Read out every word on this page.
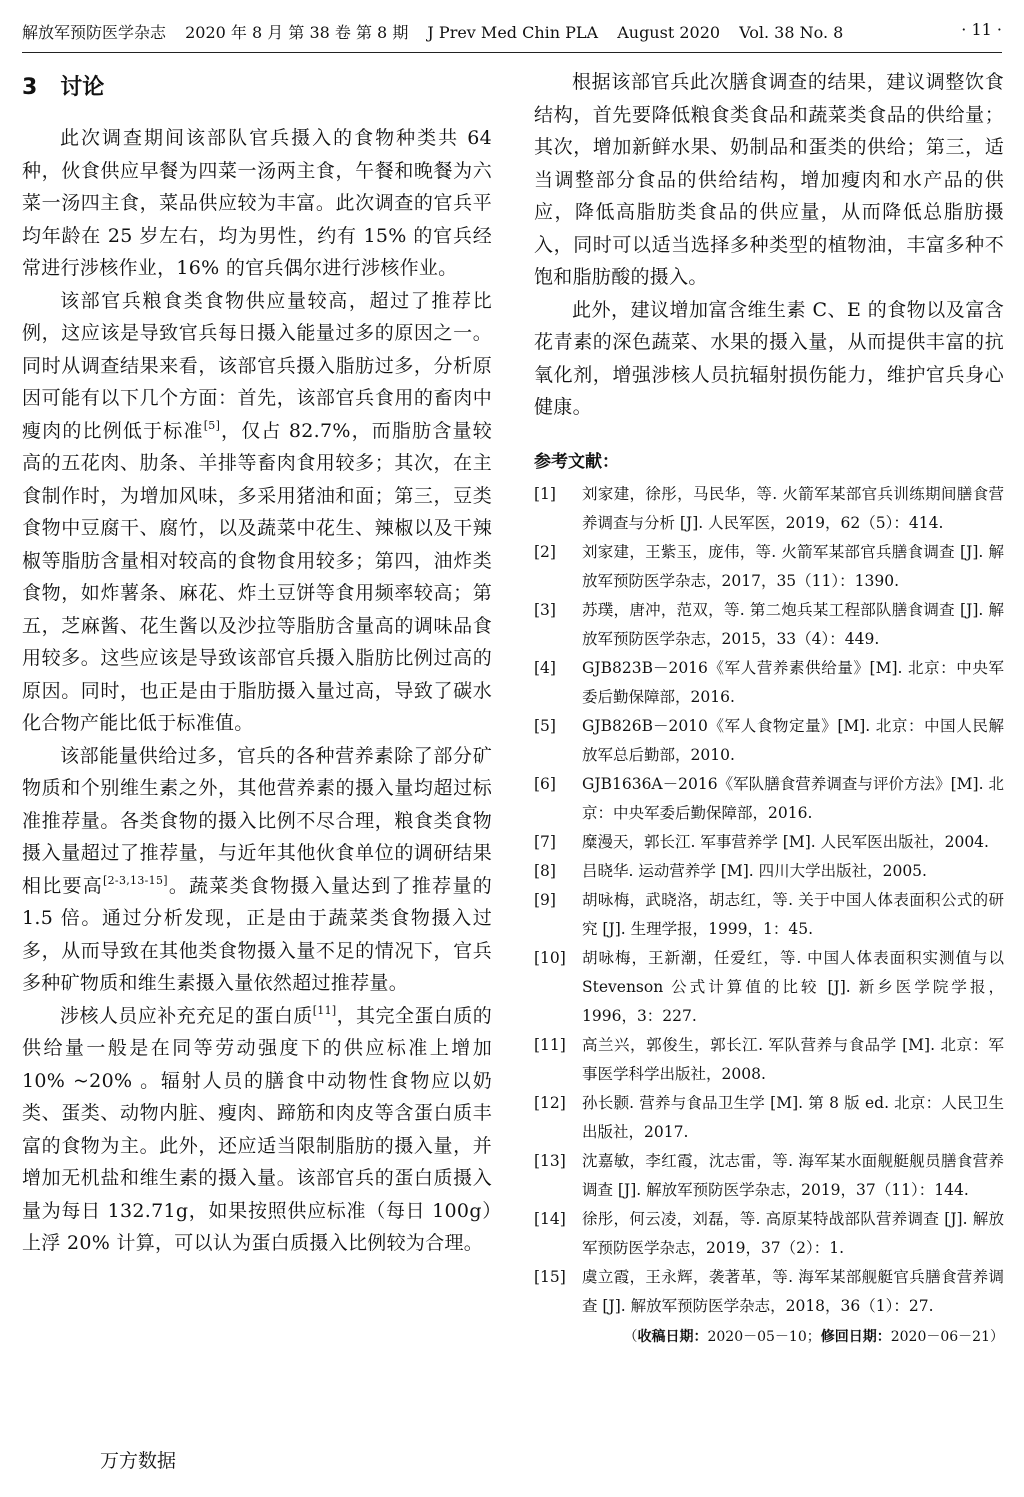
解放军预防医学杂志 2020 年 8 月 第 38 卷 第 8 期 J Prev Med Chin PLA August 2020 Vol. 38 No. 8	· 11 ·
3 讨论

此次调查期间该部队官兵摄入的食物种类共 64 种，伙食供应早餐为四菜一汤两主食，午餐和晚餐为六菜一汤四主食，菜品供应较为丰富。此次调查的官兵平均年龄在 25 岁左右，均为男性，约有 15% 的官兵经常进行涉核作业，16% 的官兵偶尔进行涉核作业。

该部官兵粮食类食物供应量较高，超过了推荐比例，这应该是导致官兵每日摄入能量过多的原因之一。同时从调查结果来看，该部官兵摄入脂肪过多，分析原因可能有以下几个方面：首先，该部官兵食用的畜肉中瘦肉的比例低于标准[5]，仅占 82.7%，而脂肪含量较高的五花肉、肋条、羊排等畜肉食用较多；其次，在主食制作时，为增加风味，多采用猪油和面；第三，豆类食物中豆腐干、腐竹，以及蔬菜中花生、辣椒以及干辣椒等脂肪含量相对较高的食物食用较多；第四，油炸类食物，如炸薯条、麻花、炸土豆饼等食用频率较高；第五，芝麻酱、花生酱以及沙拉等脂肪含量高的调味品食用较多。这些应该是导致该部官兵摄入脂肪比例过高的原因。同时，也正是由于脂肪摄入量过高，导致了碳水化合物产能比低于标准值。

该部能量供给过多，官兵的各种营养素除了部分矿物质和个别维生素之外，其他营养素的摄入量均超过标准推荐量。各类食物的摄入比例不尽合理，粮食类食物摄入量超过了推荐量，与近年其他伙食单位的调研结果相比要高[2-3,13-15]。蔬菜类食物摄入量达到了推荐量的 1.5 倍。通过分析发现，正是由于蔬菜类食物摄入过多，从而导致在其他类食物摄入量不足的情况下，官兵多种矿物质和维生素摄入量依然超过推荐量。

涉核人员应补充充足的蛋白质[11]，其完全蛋白质的供给量一般是在同等劳动强度下的供应标准上增加 10% ~20% 。辐射人员的膳食中动物性食物应以奶类、蛋类、动物内脏、瘦肉、蹄筋和肉皮等含蛋白质丰富的食物为主。此外，还应适当限制脂肪的摄入量，并增加无机盐和维生素的摄入量。该部官兵的蛋白质摄入量为每日 132.71g，如果按照供应标准（每日 100g）上浮 20% 计算，可以认为蛋白质摄入比例较为合理。

根据该部官兵此次膳食调查的结果，建议调整饮食结构，首先要降低粮食类食品和蔬菜类食品的供给量；其次，增加新鲜水果、奶制品和蛋类的供给；第三，适当调整部分食品的供给结构，增加瘦肉和水产品的供应，降低高脂肪类食品的供应量，从而降低总脂肪摄入，同时可以适当选择多种类型的植物油，丰富多种不饱和脂肪酸的摄入。

此外，建议增加富含维生素 C、E 的食物以及富含花青素的深色蔬菜、水果的摄入量，从而提供丰富的抗氧化剂，增强涉核人员抗辐射损伤能力，维护官兵身心健康。

参考文献：
[1] 刘家建，徐彤，马民华，等. 火箭军某部官兵训练期间膳食营养调查与分析 [J]. 人民军医，2019，62（5）：414.
[2] 刘家建，王紫玉，庞伟，等. 火箭军某部官兵膳食调查 [J]. 解放军预防医学杂志，2017，35（11）：1390.
[3] 苏璞，唐冲，范双，等. 第二炮兵某工程部队膳食调查 [J]. 解放军预防医学杂志，2015，33（4）：449.
[4] GJB823B－2016《军人营养素供给量》[M]. 北京：中央军委后勤保障部，2016.
[5] GJB826B－2010《军人食物定量》[M]. 北京：中国人民解放军总后勤部，2010.
[6] GJB1636A－2016《军队膳食营养调查与评价方法》[M]. 北京：中央军委后勤保障部，2016.
[7] 糜漫天，郭长江. 军事营养学 [M]. 人民军医出版社，2004.
[8] 吕晓华. 运动营养学 [M]. 四川大学出版社，2005.
[9] 胡咏梅，武晓洛，胡志红，等. 关于中国人体表面积公式的研究 [J]. 生理学报，1999，1：45.
[10] 胡咏梅，王新潮，任爱红，等. 中国人体表面积实测值与以 Stevenson 公式计算值的比较 [J]. 新乡医学院学报，1996，3：227.
[11] 高兰兴，郭俊生，郭长江. 军队营养与食品学 [M]. 北京：军事医学科学出版社，2008.
[12] 孙长颢. 营养与食品卫生学 [M]. 第 8 版 ed. 北京：人民卫生出版社，2017.
[13] 沈嘉敏，李红霞，沈志雷，等. 海军某水面舰艇舰员膳食营养调查 [J]. 解放军预防医学杂志，2019，37（11）：144.
[14] 徐彤，何云凌，刘磊，等. 高原某特战部队营养调查 [J]. 解放军预防医学杂志，2019，37（2）：1.
[15] 虞立霞，王永辉，袭著革，等. 海军某部舰艇官兵膳食营养调查 [J]. 解放军预防医学杂志，2018，36（1）：27.
（收稿日期：2020－05－10；修回日期：2020－06－21）
万方数据
